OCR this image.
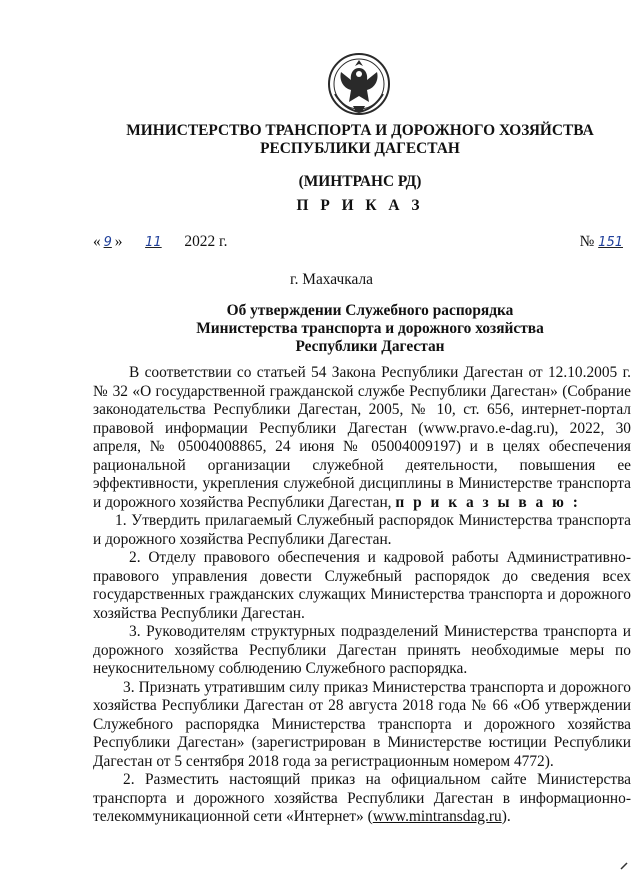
МИНИСТЕРСТВО ТРАНСПОРТА И ДОРОЖНОГО ХОЗЯЙСТВА
РЕСПУБЛИКИ ДАГЕСТАН
(МИНТРАНС РД)
П Р И К А З
« 9 » 11 2022 г.	№ 151
г. Махачкала
Об утверждении Служебного распорядка
Министерства транспорта и дорожного хозяйства
Республики Дагестан

В соответствии со статьей 54 Закона Республики Дагестан от 12.10.2005 г. № 32 «О государственной гражданской службе Республики Дагестан» (Собрание законодательства Республики Дагестан, 2005, № 10, ст. 656, интернет-портал правовой информации Республики Дагестан (www.pravo.e-dag.ru), 2022, 30 апреля, № 05004008865, 24 июня № 05004009197) и в целях обеспечения рациональной организации служебной деятельности, повышения ее эффективности, укрепления служебной дисциплины в Министерстве транспорта и дорожного хозяйства Республики Дагестан, п р и к а з ы в а ю :

1. Утвердить прилагаемый Служебный распорядок Министерства транспорта и дорожного хозяйства Республики Дагестан.

2. Отделу правового обеспечения и кадровой работы Административно-правового управления довести Служебный распорядок до сведения всех государственных гражданских служащих Министерства транспорта и дорожного хозяйства Республики Дагестан.

3. Руководителям структурных подразделений Министерства транспорта и дорожного хозяйства Республики Дагестан принять необходимые меры по неукоснительному соблюдению Служебного распорядка.

3. Признать утратившим силу приказ Министерства транспорта и дорожного хозяйства Республики Дагестан от 28 августа 2018 года № 66 «Об утверждении Служебного распорядка Министерства транспорта и дорожного хозяйства Республики Дагестан» (зарегистрирован в Министерстве юстиции Республики Дагестан от 5 сентября 2018 года за регистрационным номером 4772).

2. Разместить настоящий приказ на официальном сайте Министерства транспорта и дорожного хозяйства Республики Дагестан в информационно-телекоммуникационной сети «Интернет» (www.mintransdag.ru).
